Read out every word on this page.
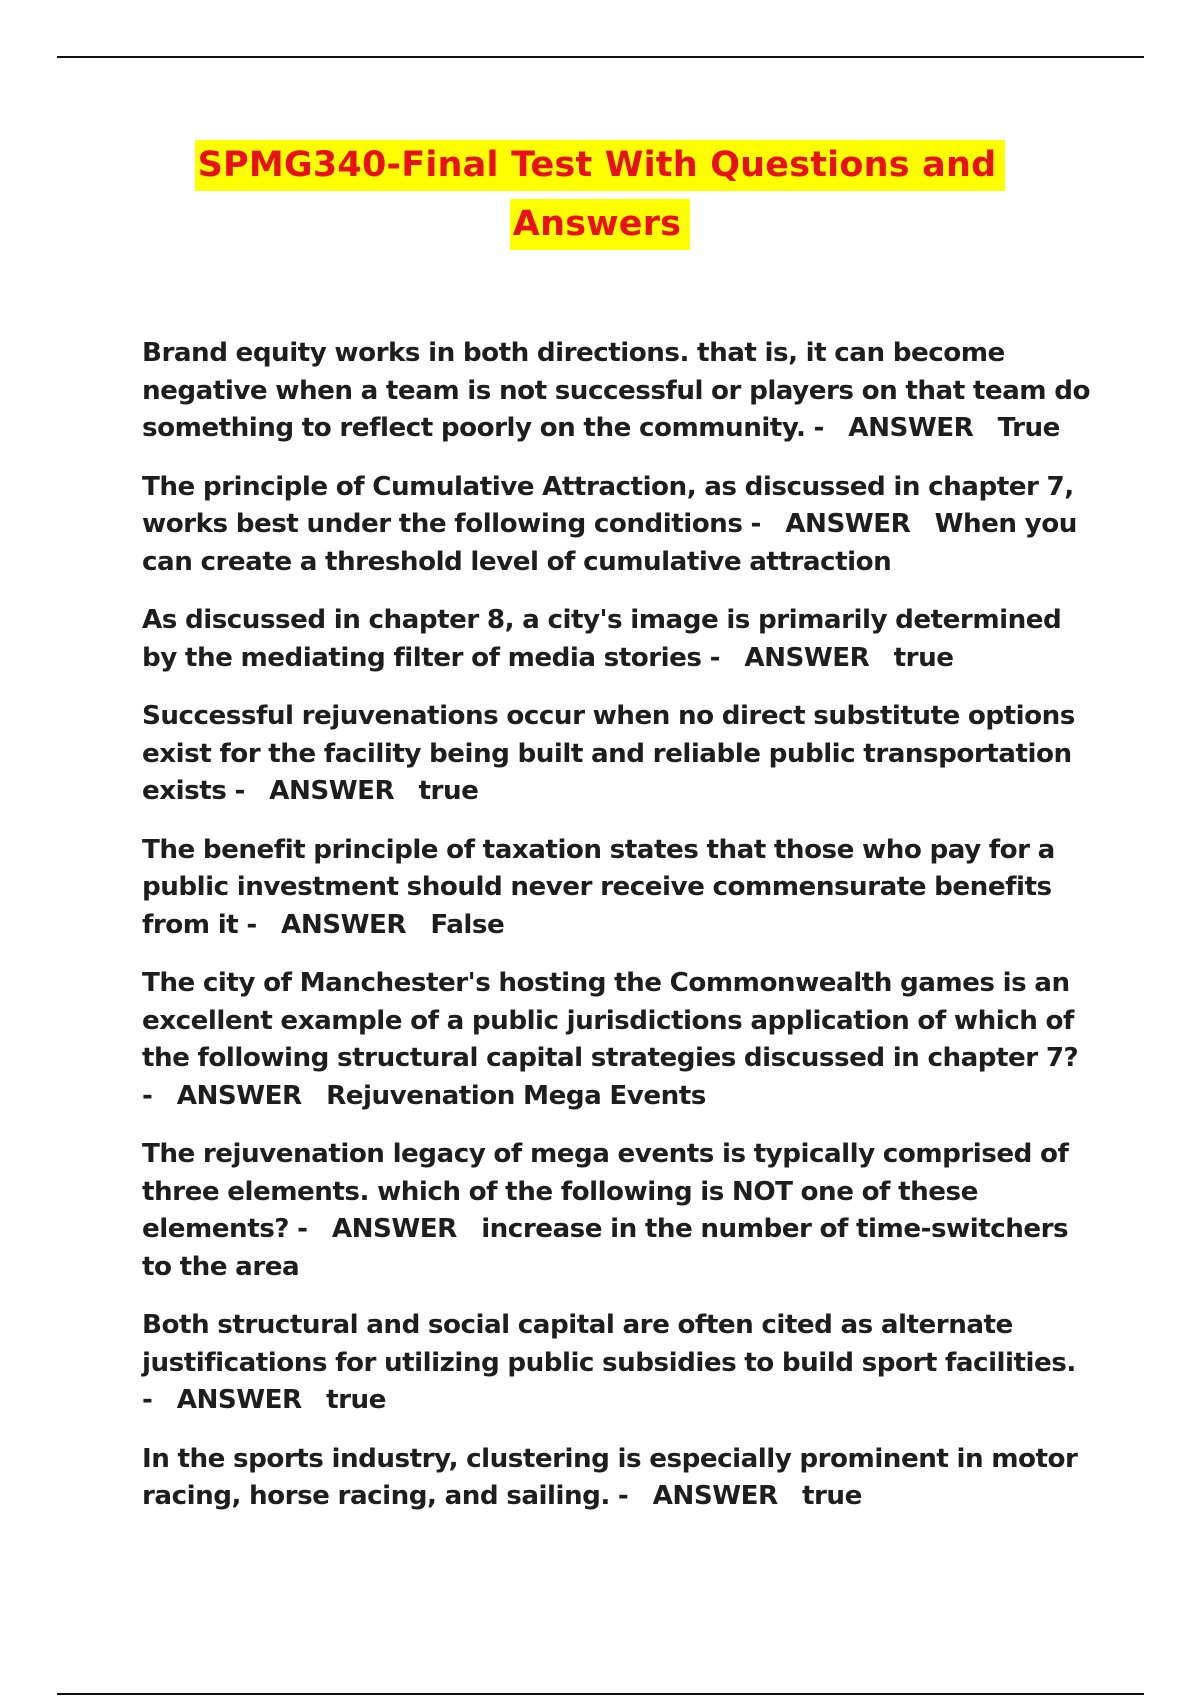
SPMG340-Final Test With Questions and
Answers
Brand equity works in both directions. that is, it can become negative when a team is not successful or players on that team do something to reflect poorly on the community. - ANSWER True
The principle of Cumulative Attraction, as discussed in chapter 7, works best under the following conditions - ANSWER When you can create a threshold level of cumulative attraction
As discussed in chapter 8, a city's image is primarily determined by the mediating filter of media stories - ANSWER true
Successful rejuvenations occur when no direct substitute options exist for the facility being built and reliable public transportation exists - ANSWER true
The benefit principle of taxation states that those who pay for a public investment should never receive commensurate benefits from it - ANSWER False
The city of Manchester's hosting the Commonwealth games is an excellent example of a public jurisdictions application of which of the following structural capital strategies discussed in chapter 7? - ANSWER Rejuvenation Mega Events
The rejuvenation legacy of mega events is typically comprised of three elements. which of the following is NOT one of these elements? - ANSWER increase in the number of time-switchers to the area
Both structural and social capital are often cited as alternate justifications for utilizing public subsidies to build sport facilities. - ANSWER true
In the sports industry, clustering is especially prominent in motor racing, horse racing, and sailing. - ANSWER true
